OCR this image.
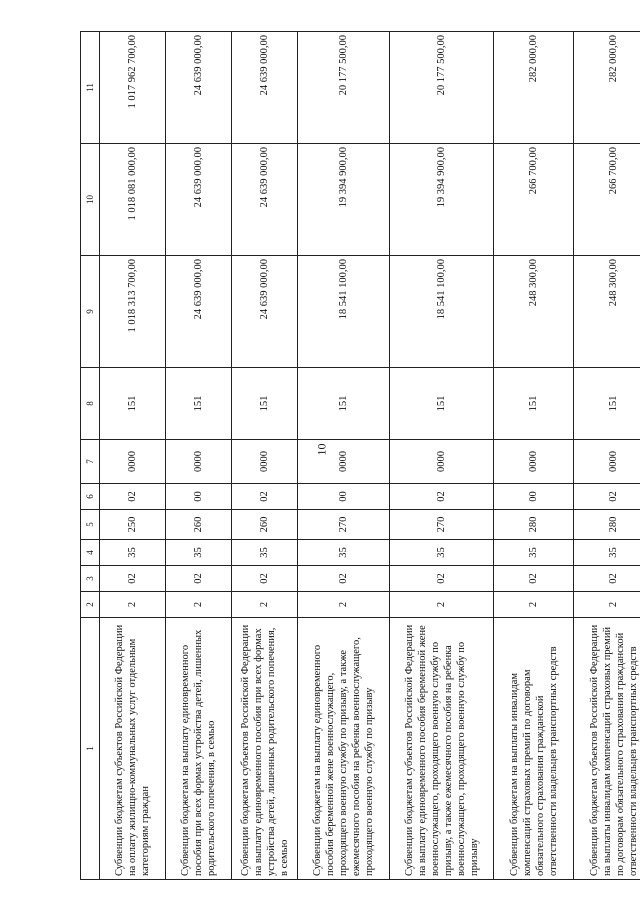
10
1	2	3	4	5	6	7	8	9	10	11
Субвенции бюджетам субъектов Российской Федерации на оплату жилищно-коммунальных услуг отдельным категориям граждан	2	02	35	250	02	0000	151	1 018 313 700,00	1 018 081 000,00	1 017 962 700,00
Субвенции бюджетам на выплату единовременного пособия при всех формах устройства детей, лишенных родительского попечения, в семью	2	02	35	260	00	0000	151	24 639 000,00	24 639 000,00	24 639 000,00
Субвенции бюджетам субъектов Российской Федерации на выплату единовременного пособия при всех формах устройства детей, лишенных родительского попечения, в семью	2	02	35	260	02	0000	151	24 639 000,00	24 639 000,00	24 639 000,00
Субвенции бюджетам на выплату единовременного пособия беременной жене военнослужащего, проходящего военную службу по призыву, а также ежемесячного пособия на ребенка военнослужащего, проходящего военную службу по призыву	2	02	35	270	00	0000	151	18 541 100,00	19 394 900,00	20 177 500,00
Субвенции бюджетам субъектов Российской Федерации на выплату единовременного пособия беременной жене военнослужащего, проходящего военную службу по призыву, а также ежемесячного пособия на ребенка военнослужащего, проходящего военную службу по призыву	2	02	35	270	02	0000	151	18 541 100,00	19 394 900,00	20 177 500,00
Субвенции бюджетам на выплаты инвалидам компенсаций страховых премий по договорам обязательного страхования гражданской ответственности владельцев транспортных средств	2	02	35	280	00	0000	151	248 300,00	266 700,00	282 000,00
Субвенции бюджетам субъектов Российской Федерации на выплаты инвалидам компенсаций страховых премий по договорам обязательного страхования гражданской ответственности владельцев транспортных средств	2	02	35	280	02	0000	151	248 300,00	266 700,00	282 000,00
